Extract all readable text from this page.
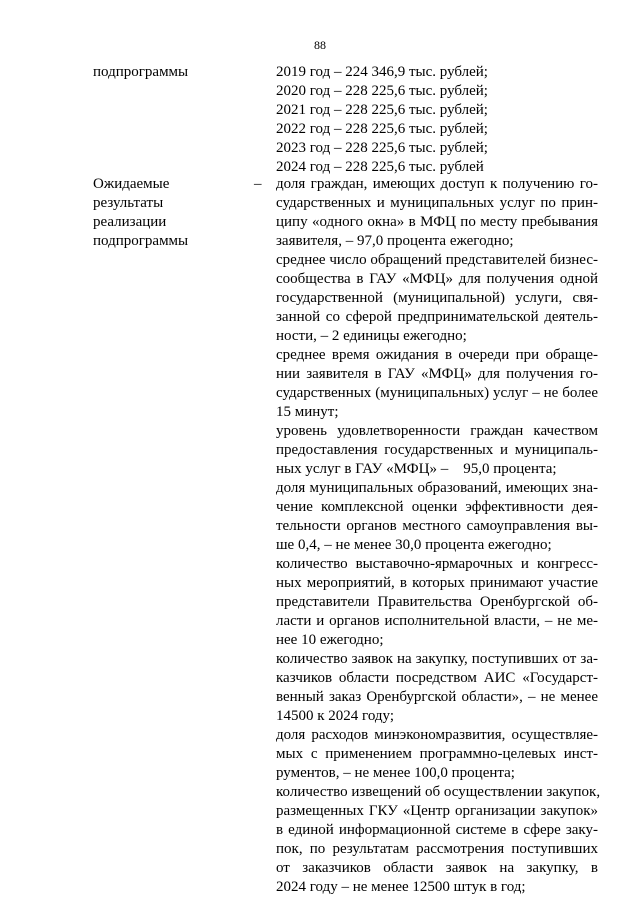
88
подпрограммы	2019 год – 224 346,9 тыс. рублей;
2020 год – 228 225,6 тыс. рублей;
2021 год – 228 225,6 тыс. рублей;
2022 год – 228 225,6 тыс. рублей;
2023 год – 228 225,6 тыс. рублей;
2024 год – 228 225,6 тыс. рублей
Ожидаемые
результаты
реализации
подпрограммы
– доля граждан, имеющих доступ к получению го-
сударственных и муниципальных услуг по прин-
ципу «одного окна» в МФЦ по месту пребывания
заявителя, – 97,0 процента ежегодно;
среднее число обращений представителей бизнес-
сообщества в ГАУ «МФЦ» для получения одной
государственной (муниципальной) услуги, свя-
занной со сферой предпринимательской деятель-
ности, – 2 единицы ежегодно;
среднее время ожидания в очереди при обраще-
нии заявителя в ГАУ «МФЦ» для получения го-
сударственных (муниципальных) услуг – не более
15 минут;
уровень удовлетворенности граждан качеством
предоставления государственных и муниципаль-
ных услуг в ГАУ «МФЦ» –    95,0 процента;
доля муниципальных образований, имеющих зна-
чение комплексной оценки эффективности дея-
тельности органов местного самоуправления вы-
ше 0,4, – не менее 30,0 процента ежегодно;
количество выставочно-ярмарочных и конгресс-
ных мероприятий, в которых принимают участие
представители Правительства Оренбургской об-
ласти и органов исполнительной власти, – не ме-
нее 10 ежегодно;
количество заявок на закупку, поступивших от за-
казчиков области посредством АИС «Государст-
венный заказ Оренбургской области», – не менее
14500 к 2024 году;
доля расходов минэкономразвития, осуществляе-
мых с применением программно-целевых инст-
рументов, – не менее 100,0 процента;
количество извещений об осуществлении закупок,
размещенных ГКУ «Центр организации закупок»
в единой информационной системе в сфере заку-
пок, по результатам рассмотрения поступивших
от заказчиков области заявок на закупку, в
2024 году – не менее 12500 штук в год;
